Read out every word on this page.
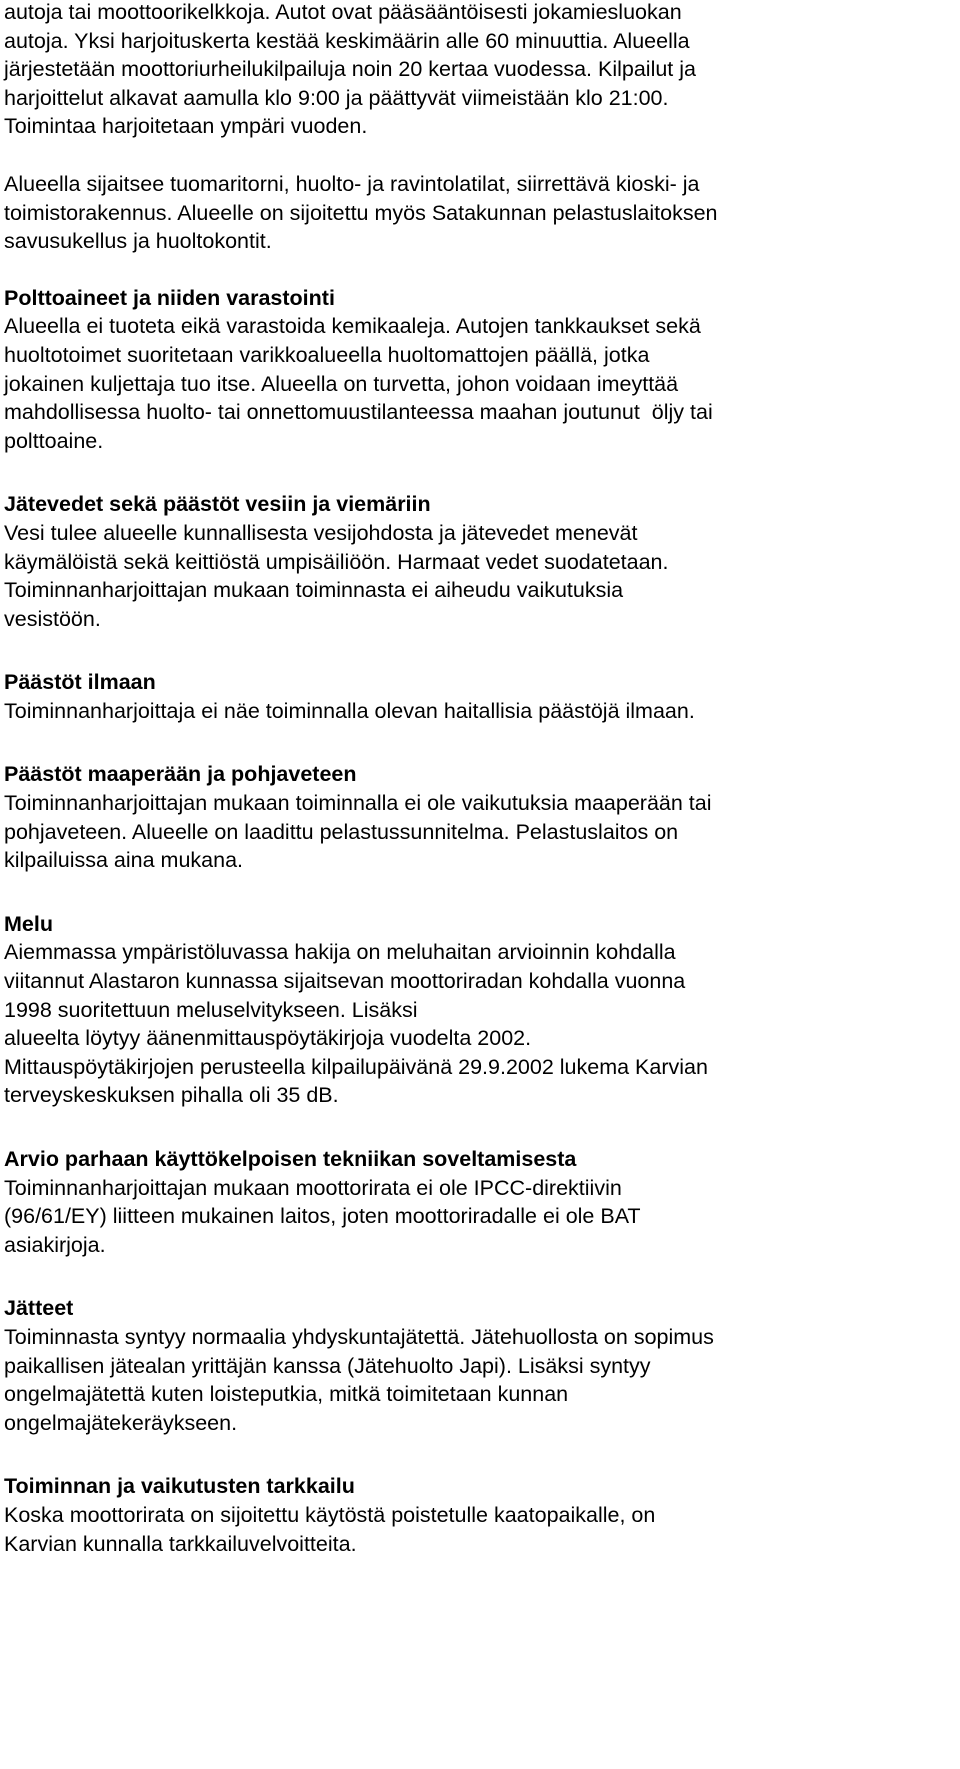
autoja tai moottoorikelkkoja. Autot ovat pääsääntöisesti jokamiesluokan
autoja. Yksi harjoituskerta kestää keskimäärin alle 60 minuuttia. Alueella
järjestetään moottoriurheilukilpailuja noin 20 kertaa vuodessa. Kilpailut ja
harjoittelut alkavat aamulla klo 9:00 ja päättyvät viimeistään klo 21:00.
Toimintaa harjoitetaan ympäri vuoden.
Alueella sijaitsee tuomaritorni, huolto- ja ravintolatilat, siirrettävä kioski- ja
toimistorakennus. Alueelle on sijoitettu myös Satakunnan pelastuslaitoksen
savusukellus ja huoltokontit.
Polttoaineet ja niiden varastointi
Alueella ei tuoteta eikä varastoida kemikaaleja. Autojen tankkaukset sekä
huoltotoimet suoritetaan varikkoalueella huoltomattojen päällä, jotka
jokainen kuljettaja tuo itse. Alueella on turvetta, johon voidaan imeyttää
mahdollisessa huolto- tai onnettomuustilanteessa maahan joutunut  öljy tai
polttoaine.
Jätevedet sekä päästöt vesiin ja viemäriin
Vesi tulee alueelle kunnallisesta vesijohdosta ja jätevedet menevät
käymälöistä sekä keittiöstä umpisäiliöön. Harmaat vedet suodatetaan.
Toiminnanharjoittajan mukaan toiminnasta ei aiheudu vaikutuksia
vesistöön.
Päästöt ilmaan
Toiminnanharjoittaja ei näe toiminnalla olevan haitallisia päästöjä ilmaan.
Päästöt maaperään ja pohjaveteen
Toiminnanharjoittajan mukaan toiminnalla ei ole vaikutuksia maaperään tai
pohjaveteen. Alueelle on laadittu pelastussunnitelma. Pelastuslaitos on
kilpailuissa aina mukana.
Melu
Aiemmassa ympäristöluvassa hakija on meluhaitan arvioinnin kohdalla
viitannut Alastaron kunnassa sijaitsevan moottoriradan kohdalla vuonna
1998 suoritettuun meluselvitykseen. Lisäksi
alueelta löytyy äänenmittauspöytäkirjoja vuodelta 2002.
Mittauspöytäkirjojen perusteella kilpailupäivänä 29.9.2002 lukema Karvian
terveyskeskuksen pihalla oli 35 dB.
Arvio parhaan käyttökelpoisen tekniikan soveltamisesta
Toiminnanharjoittajan mukaan moottorirata ei ole IPCC-direktiivin
(96/61/EY) liitteen mukainen laitos, joten moottoriradalle ei ole BAT
asiakirjoja.
Jätteet
Toiminnasta syntyy normaalia yhdyskuntajätettä. Jätehuollosta on sopimus
paikallisen jätealan yrittäjän kanssa (Jätehuolto Japi). Lisäksi syntyy
ongelmajätettä kuten loisteputkia, mitkä toimitetaan kunnan
ongelmajätekeräykseen.
Toiminnan ja vaikutusten tarkkailu
Koska moottorirata on sijoitettu käytöstä poistetulle kaatopaikalle, on
Karvian kunnalla tarkkailuvelvoitteita.
